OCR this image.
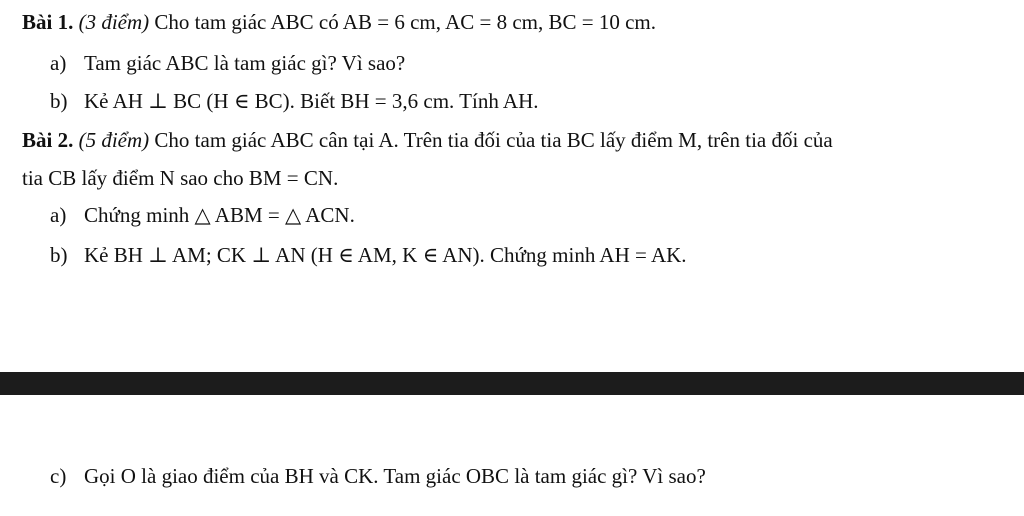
Bài 1. (3 điểm) Cho tam giác ABC có AB = 6 cm, AC = 8 cm, BC = 10 cm.
a) Tam giác ABC là tam giác gì? Vì sao?
b) Kẻ AH ⊥ BC (H ∈ BC). Biết BH = 3,6 cm. Tính AH.
Bài 2. (5 điểm) Cho tam giác ABC cân tại A. Trên tia đối của tia BC lấy điểm M, trên tia đối của
tia CB lấy điểm N sao cho BM = CN.
a) Chứng minh △ ABM = △ ACN.
b) Kẻ BH ⊥ AM; CK ⊥ AN (H ∈ AM, K ∈ AN). Chứng minh AH = AK.
c) Gọi O là giao điểm của BH và CK. Tam giác OBC là tam giác gì? Vì sao?
